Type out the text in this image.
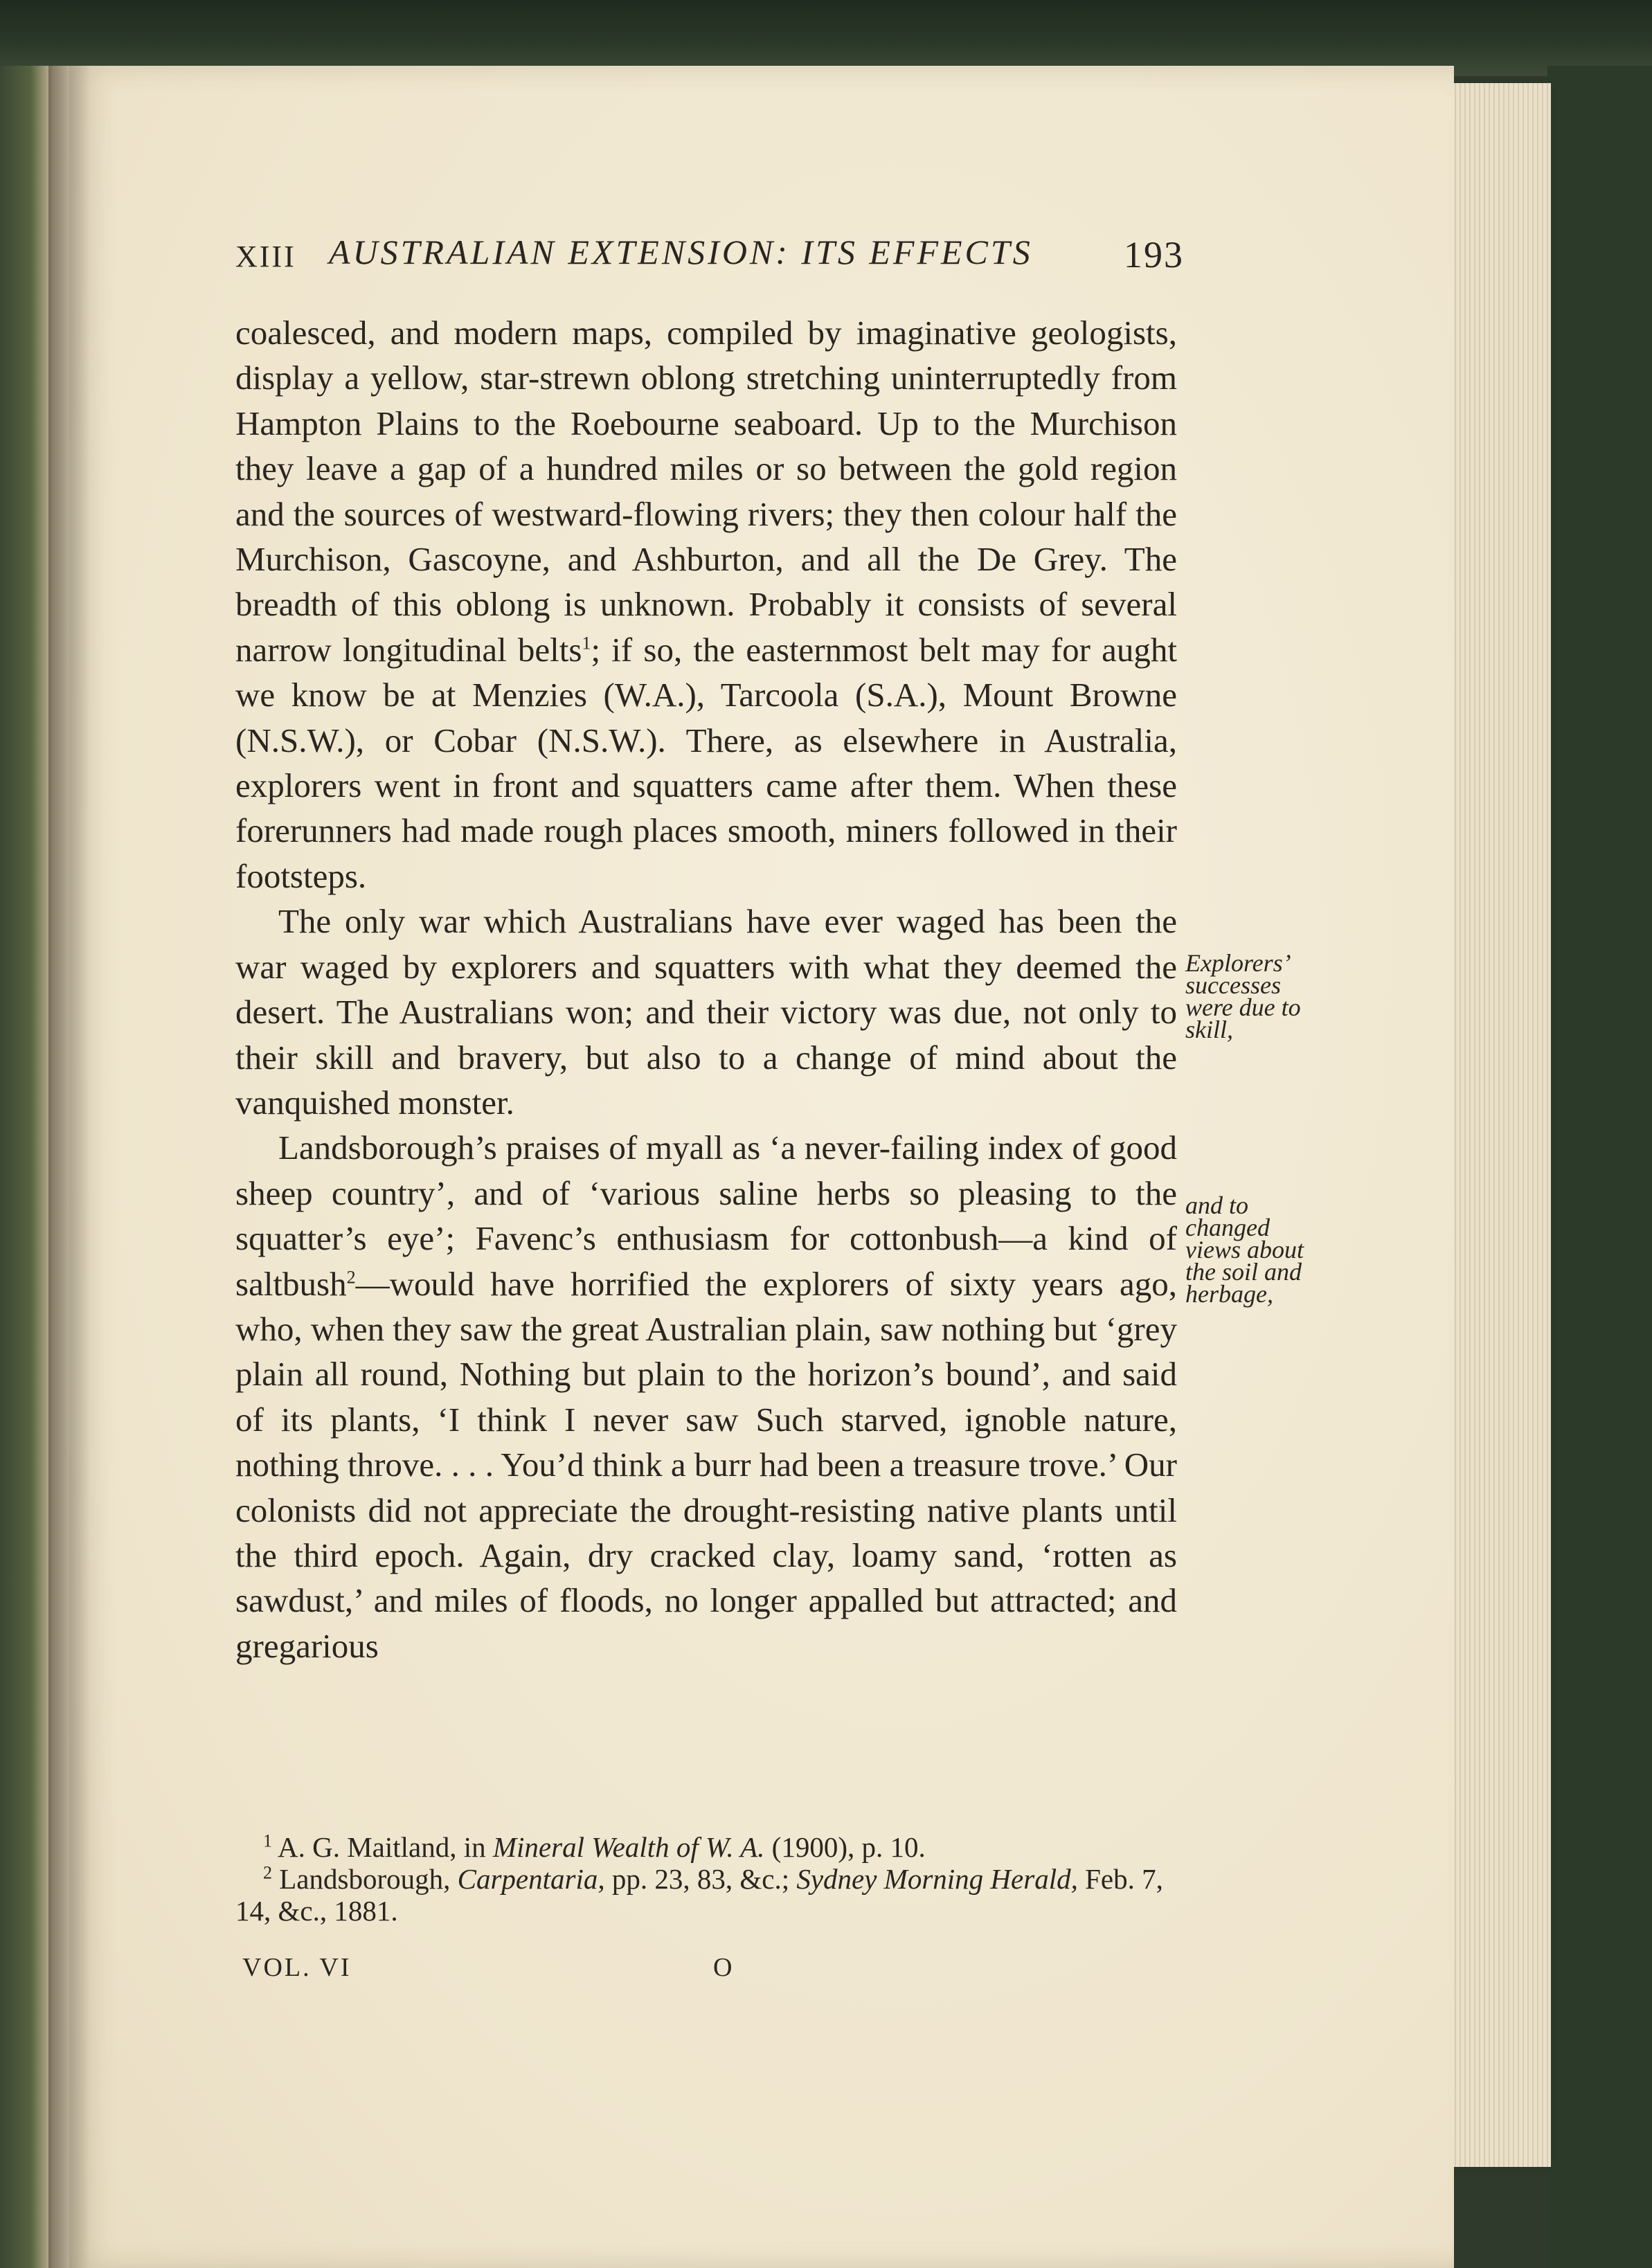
XIII AUSTRALIAN EXTENSION: ITS EFFECTS 193

coalesced, and modern maps, compiled by imaginative geologists, display a yellow, star-strewn oblong stretching uninterruptedly from Hampton Plains to the Roebourne seaboard. Up to the Murchison they leave a gap of a hundred miles or so between the gold region and the sources of westward-flowing rivers; they then colour half the Murchison, Gascoyne, and Ashburton, and all the De Grey. The breadth of this oblong is unknown. Probably it consists of several narrow longitudinal belts$^1$; if so, the easternmost belt may for aught we know be at Menzies (W.A.), Tarcoola (S.A.), Mount Browne (N.S.W.), or Cobar (N.S.W.). There, as elsewhere in Australia, explorers went in front and squatters came after them. When these forerunners had made rough places smooth, miners followed in their footsteps.

The only war which Australians have ever waged has been the war waged by explorers and squatters with what they deemed the desert. The Australians won; and their victory was due, not only to their skill and bravery, but also to a change of mind about the vanquished monster.

Landsborough’s praises of myall as ‘a never-failing index of good sheep country’, and of ‘various saline herbs so pleasing to the squatter’s eye’; Favenc’s enthusiasm for cottonbush—a kind of saltbush$^2$—would have horrified the explorers of sixty years ago, who, when they saw the great Australian plain, saw nothing but ‘grey plain all round, Nothing but plain to the horizon’s bound’, and said of its plants, ‘I think I never saw Such starved, ignoble nature, nothing throve. . . . You’d think a burr had been a treasure trove.’ Our colonists did not appreciate the drought-resisting native plants until the third epoch. Again, dry cracked clay, loamy sand, ‘rotten as sawdust,’ and miles of floods, no longer appalled but attracted; and gregarious

Explorers’ successes were due to skill,
and to changed views about the soil and herbage,

$^1$ A. G. Maitland, in Mineral Wealth of W. A. (1900), p. 10.

$^2$ Landsborough, Carpentaria, pp. 23, 83, &c.; Sydney Morning Herald, Feb. 7, 14, &c., 1881.

VOL. VI	O
